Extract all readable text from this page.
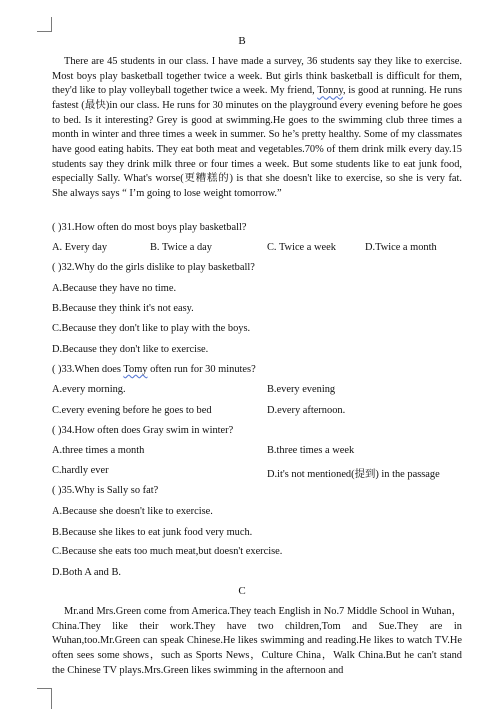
B

There are 45 students in our class. I have made a survey, 36 students say they like to exercise. Most boys play basketball together twice a week. But girls think basketball is difficult for them, they'd like to play volleyball together twice a week. My friend, Tonny, is good at running. He runs fastest (最快)in our class. He runs for 30 minutes on the playground every evening before he goes to bed. Is it interesting? Grey is good at swimming.He goes to the swimming club three times a month in winter and three times a week in summer. So he’s pretty healthy. Some of my classmates have good eating habits. They eat both meat and vegetables.70% of them drink milk every day.15 students say they drink milk three or four times a week. But some students like to eat junk food, especially Sally. What's worse(更糟糕的) is that she doesn't like to exercise, so she is very fat. She always says “ I’m going to lose weight tomorrow.”

( )31.How often do most boys play basketball?
A. Every day	B. Twice a day	C. Twice a week	D.Twice a month
( )32.Why do the girls dislike to play basketball?
A.Because they have no time.
B.Because they think it's not easy.
C.Because they don't like to play with the boys.
D.Because they don't like to exercise.
( )33.When does Tomy often run for 30 minutes?
A.every morning.	B.every evening
C.every evening before he goes to bed	D.every afternoon.
( )34.How often does Gray swim in winter?
A.three times a month	B.three times a week
C.hardly ever	D.it's not mentioned(提到) in the passage
( )35.Why is Sally so fat?
A.Because she doesn't like to exercise.
B.Because she likes to eat junk food very much.
C.Because she eats too much meat,but doesn't exercise.
D.Both A and B.
C

Mr.and Mrs.Green come from America.They teach English in No.7 Middle School in Wuhan，China.They like their work.They have two children,Tom and Sue.They are in Wuhan,too.Mr.Green can speak Chinese.He likes swimming and reading.He likes to watch TV.He often sees some shows，such as Sports News，Culture China，Walk China.But he can't stand the Chinese TV plays.Mrs.Green likes swimming in the afternoon and
